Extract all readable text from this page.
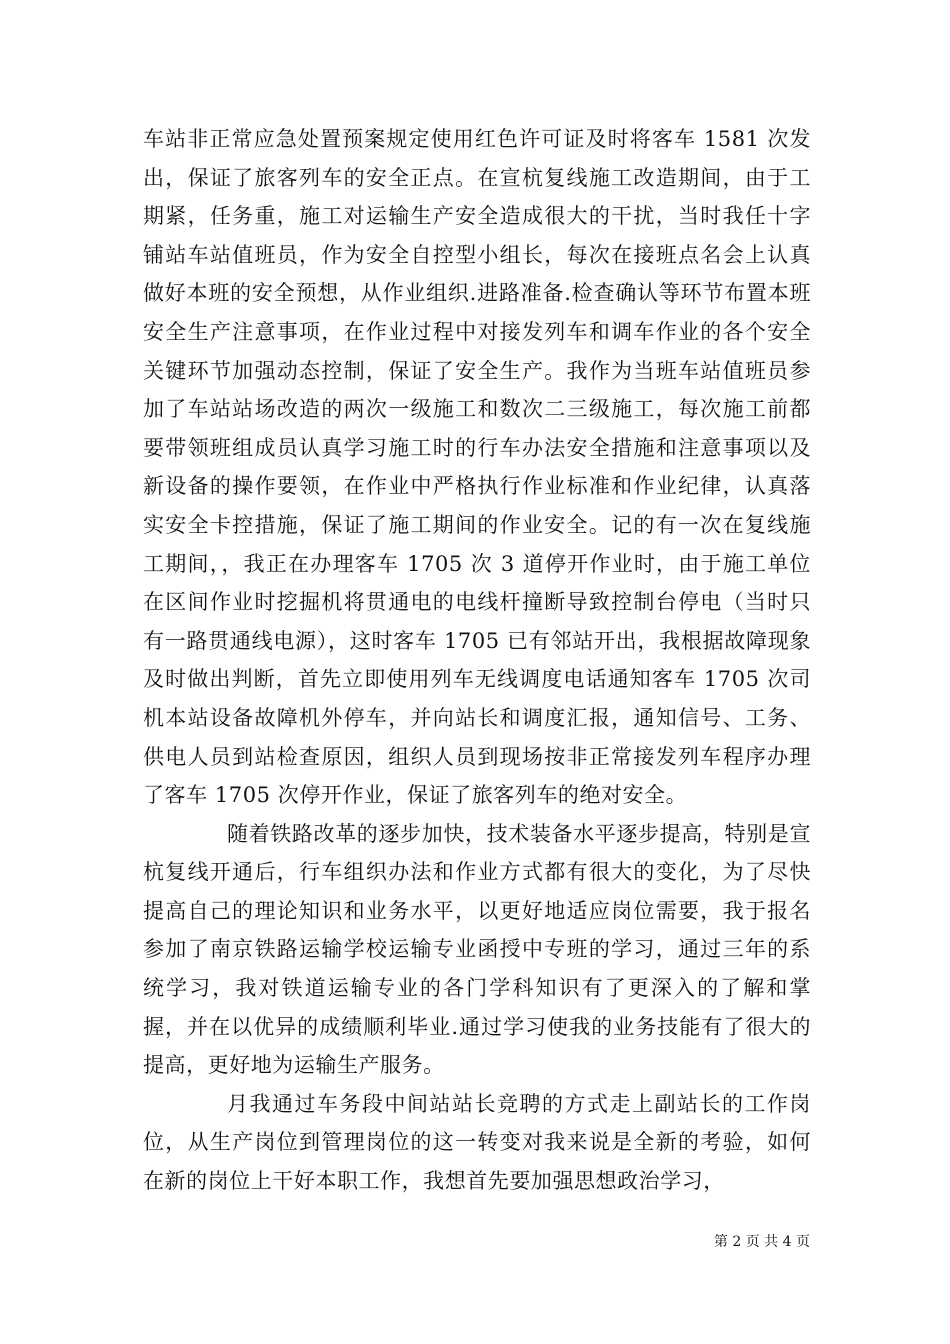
车站非正常应急处置预案规定使用红色许可证及时将客车 1581 次发出，保证了旅客列车的安全正点。在宣杭复线施工改造期间，由于工期紧，任务重，施工对运输生产安全造成很大的干扰，当时我任十字铺站车站值班员，作为安全自控型小组长，每次在接班点名会上认真做好本班的安全预想，从作业组织.进路准备.检查确认等环节布置本班安全生产注意事项，在作业过程中对接发列车和调车作业的各个安全关键环节加强动态控制，保证了安全生产。我作为当班车站值班员参加了车站站场改造的两次一级施工和数次二三级施工，每次施工前都要带领班组成员认真学习施工时的行车办法安全措施和注意事项以及新设备的操作要领，在作业中严格执行作业标准和作业纪律，认真落实安全卡控措施，保证了施工期间的作业安全。记的有一次在复线施工期间，，我正在办理客车 1705 次 3 道停开作业时，由于施工单位在区间作业时挖掘机将贯通电的电线杆撞断导致控制台停电（当时只有一路贯通线电源），这时客车 1705 已有邻站开出，我根据故障现象及时做出判断，首先立即使用列车无线调度电话通知客车 1705 次司机本站设备故障机外停车，并向站长和调度汇报，通知信号、工务、供电人员到站检查原因，组织人员到现场按非正常接发列车程序办理了客车 1705 次停开作业，保证了旅客列车的绝对安全。

随着铁路改革的逐步加快，技术装备水平逐步提高，特别是宣杭复线开通后，行车组织办法和作业方式都有很大的变化，为了尽快提高自己的理论知识和业务水平，以更好地适应岗位需要，我于报名参加了南京铁路运输学校运输专业函授中专班的学习，通过三年的系统学习，我对铁道运输专业的各门学科知识有了更深入的了解和掌握，并在以优异的成绩顺利毕业.通过学习使我的业务技能有了很大的提高，更好地为运输生产服务。

月我通过车务段中间站站长竞聘的方式走上副站长的工作岗位，从生产岗位到管理岗位的这一转变对我来说是全新的考验，如何在新的岗位上干好本职工作，我想首先要加强思想政治学习，

第 2 页 共 4 页
